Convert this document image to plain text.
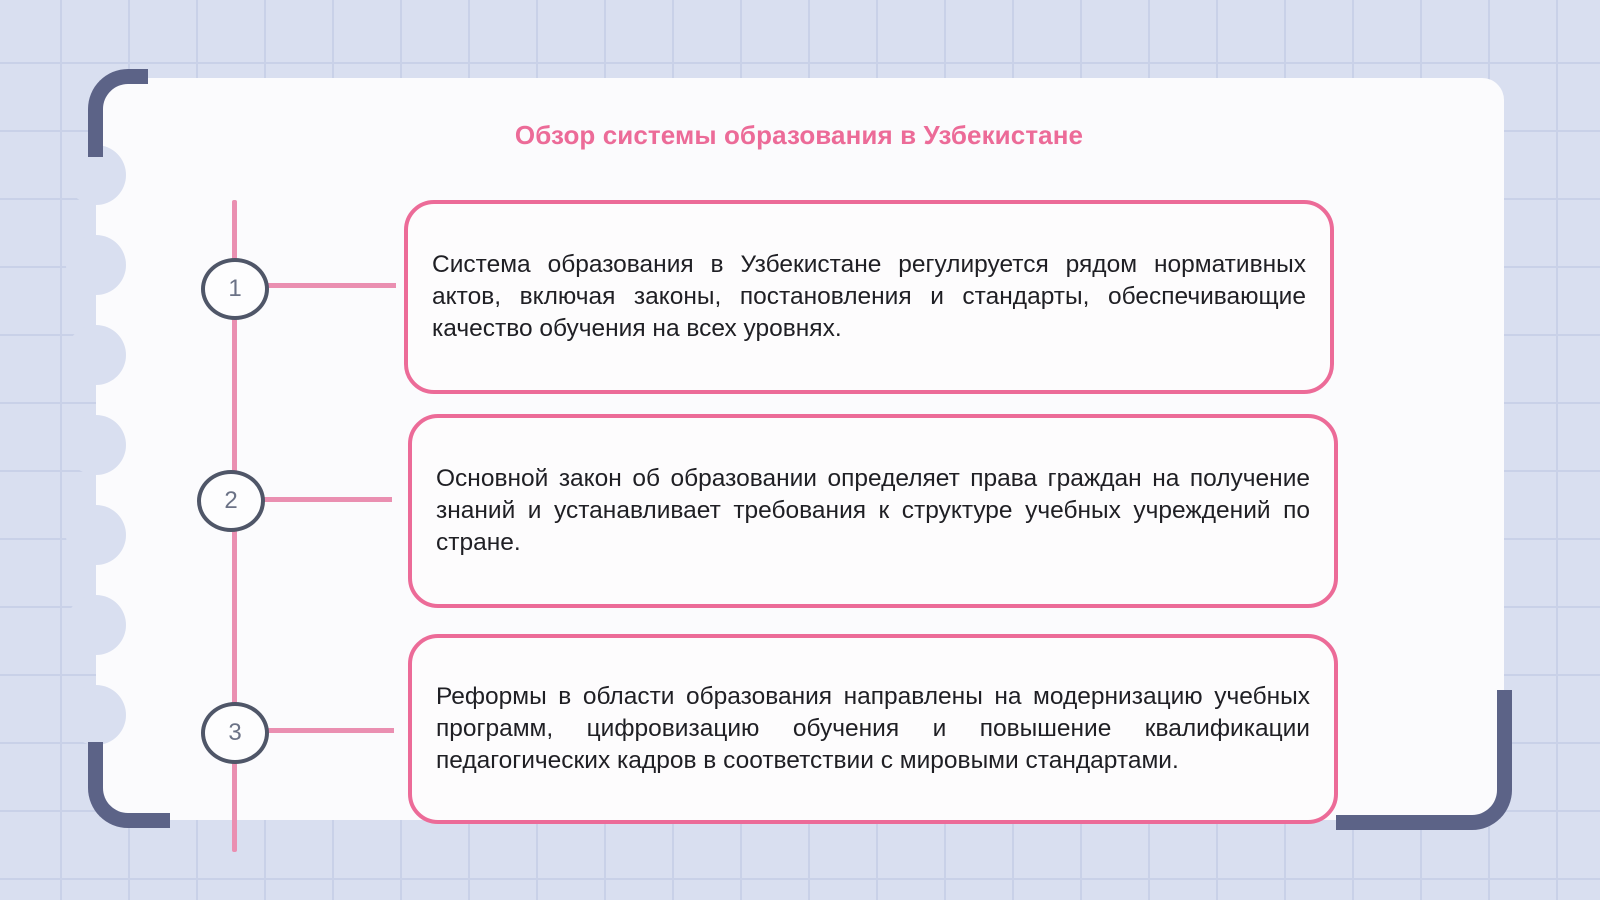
Обзор системы образования в Узбекистане
1

Система образования в Узбекистане регулируется рядом нормативных актов, включая законы, постановления и стандарты, обеспечивающие качество обучения на всех уровнях.

2

Основной закон об образовании определяет права граждан на получение знаний и устанавливает требования к структуре учебных учреждений по стране.

3

Реформы в области образования направлены на модернизацию учебных программ, цифровизацию обучения и повышение квалификации педагогических кадров в соответствии с мировыми стандартами.
